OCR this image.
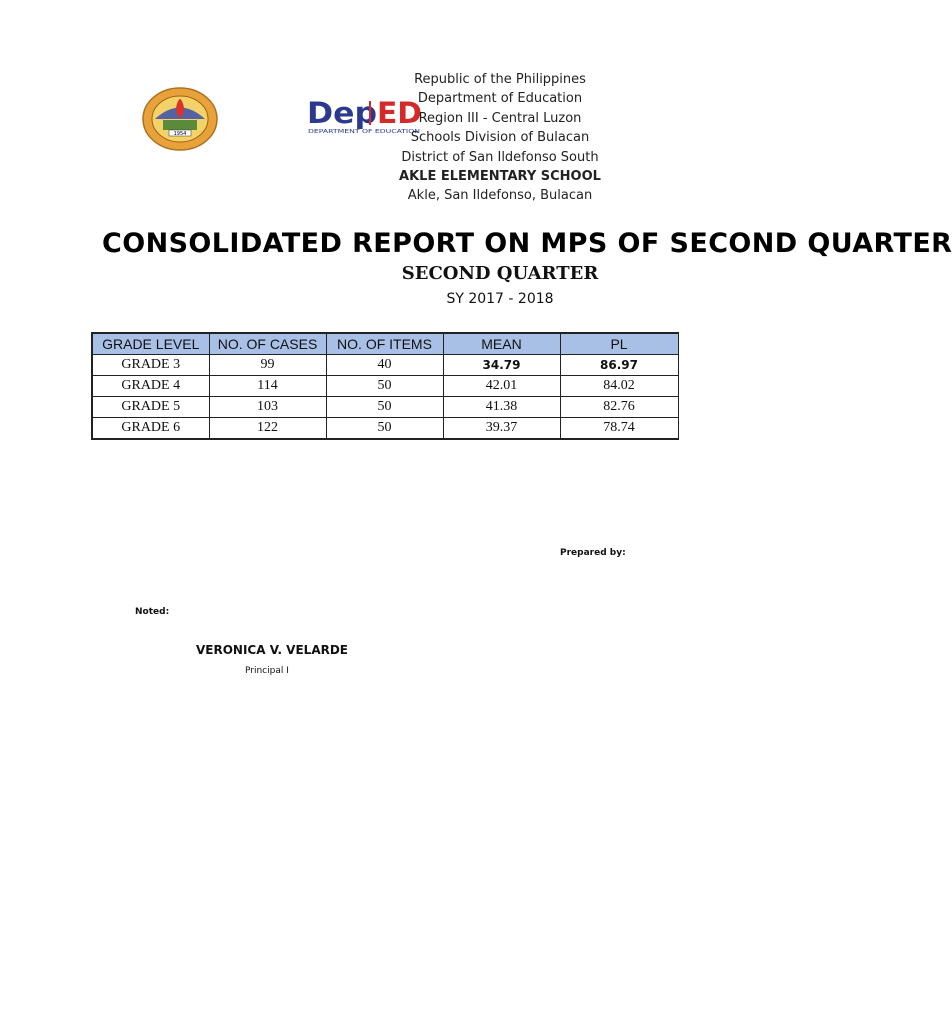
1954
Dep ED
DEPARTMENT OF EDUCATION
Republic of the Philippines
Department of Education
Region III - Central Luzon
Schools Division of Bulacan
District of San Ildefonso South
AKLE ELEMENTARY SCHOOL
Akle, San Ildefonso, Bulacan
CONSOLIDATED REPORT ON MPS OF SECOND QUARTER
SECOND QUARTER
SY 2017 - 2018
GRADE LEVEL	NO. OF CASES	NO. OF ITEMS	MEAN	PL
GRADE 3	99	40	34.79	86.97
GRADE 4	114	50	42.01	84.02
GRADE 5	103	50	41.38	82.76
GRADE 6	122	50	39.37	78.74
Prepared by:
Noted:
VERONICA V. VELARDE
Principal I
